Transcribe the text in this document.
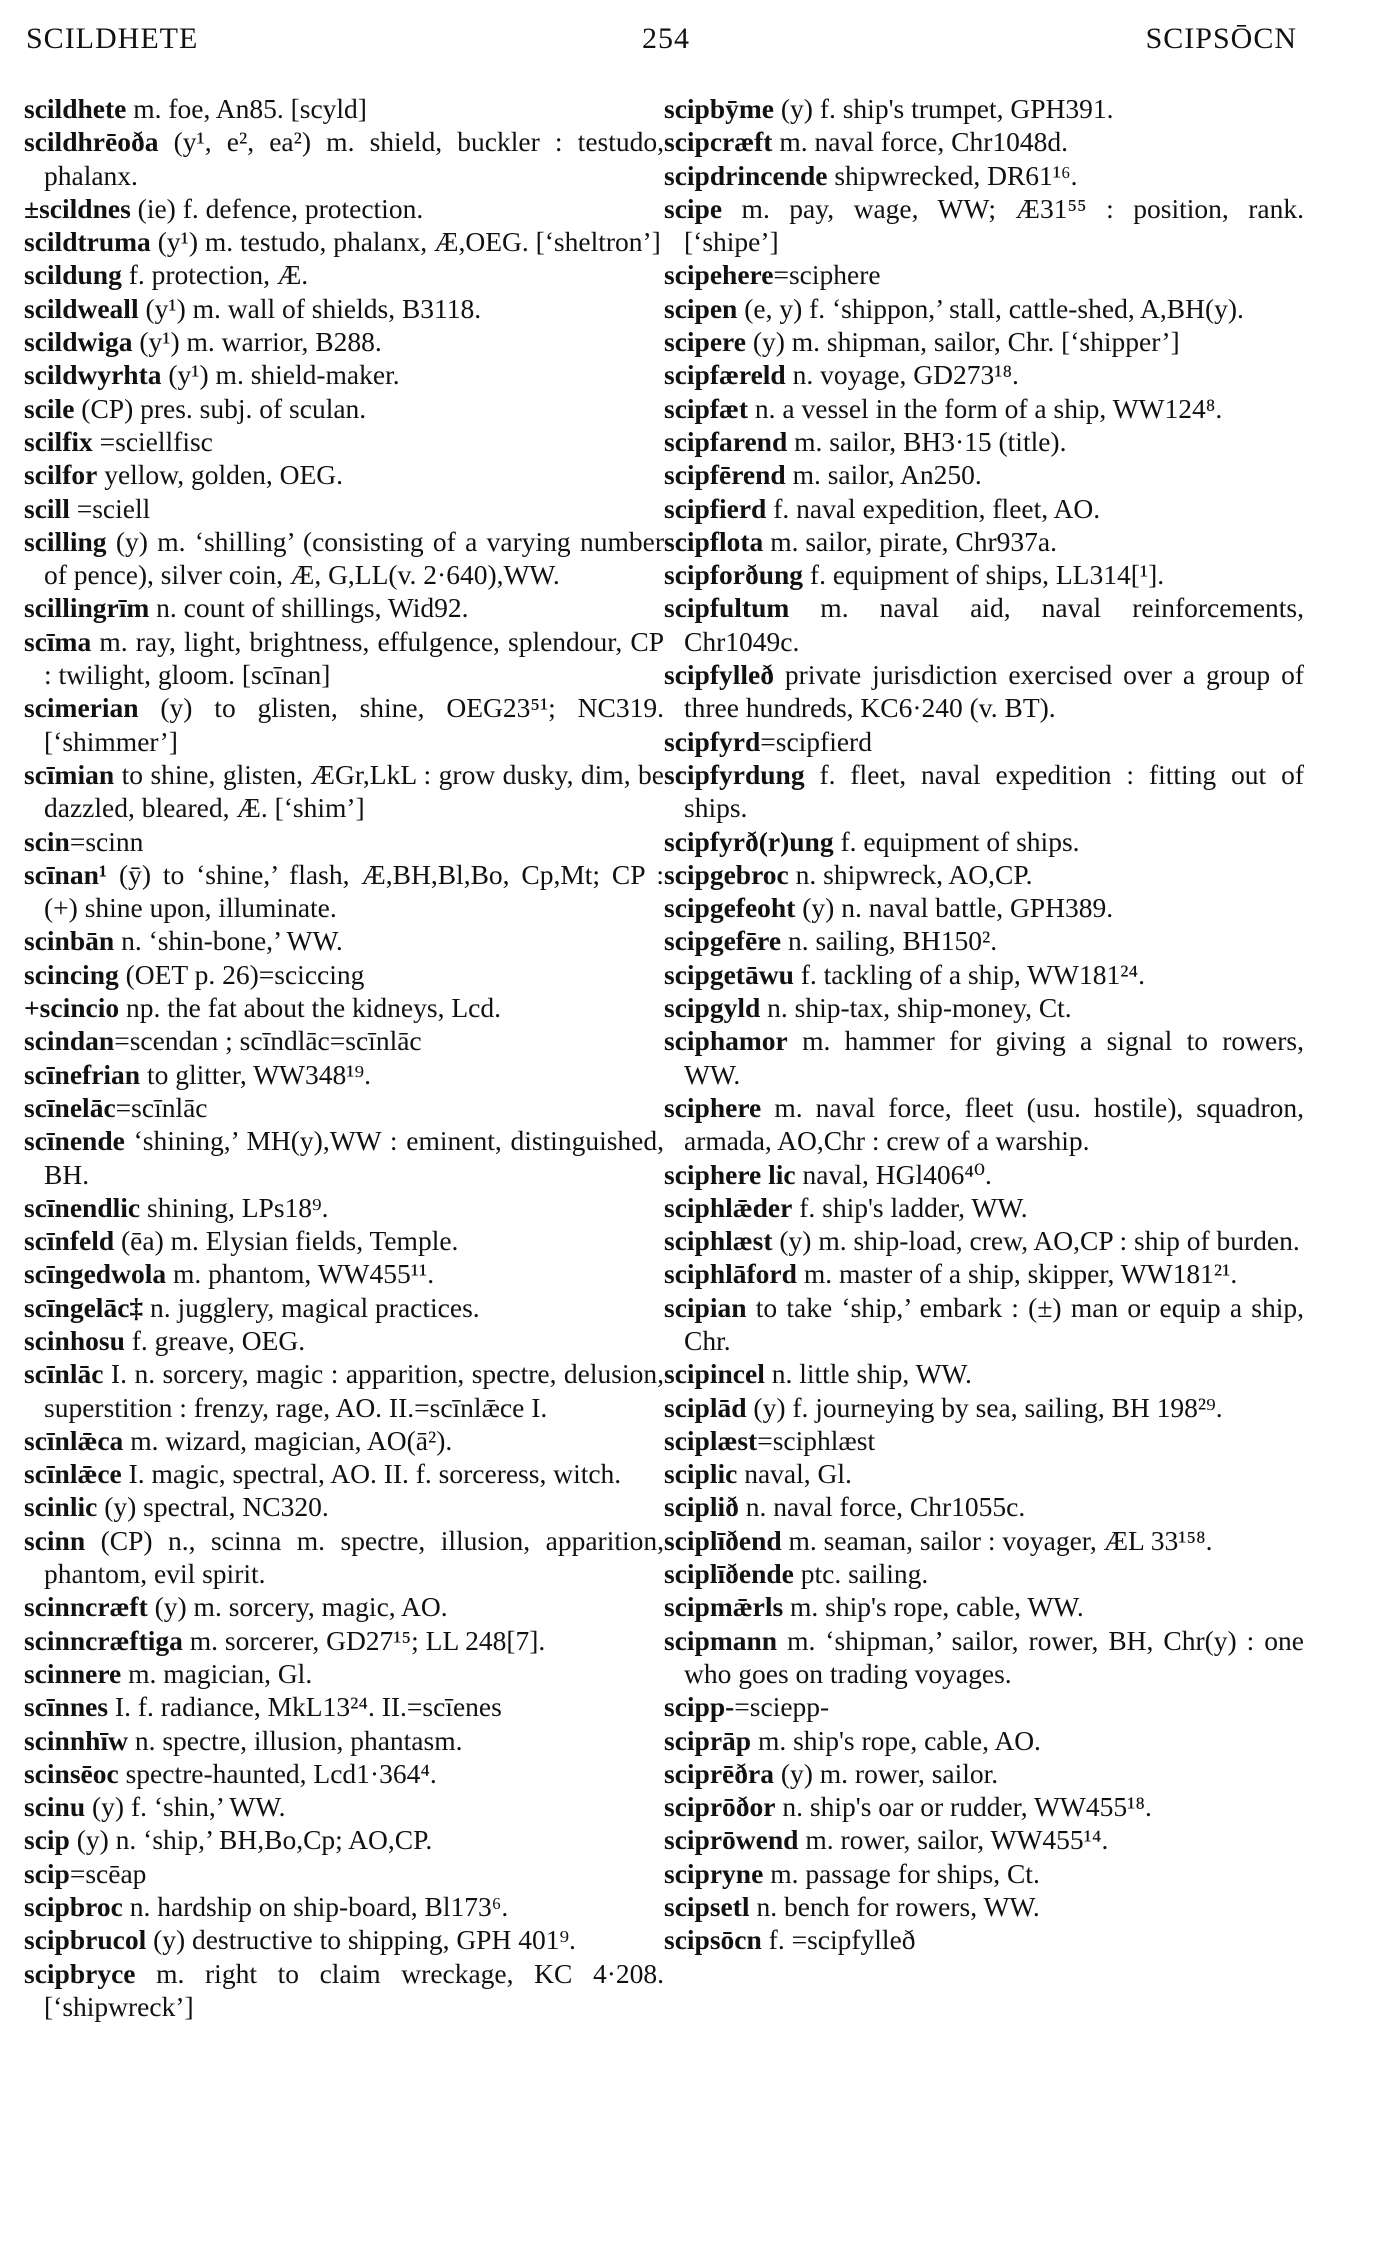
SCILDHETE	254	SCIPSŌCN

scildhete m. foe, An85. [scyld]

scildhrēoða (y¹, e², ea²) m. shield, buckler : testudo, phalanx.

±scildnes (ie) f. defence, protection.

scildtruma (y¹) m. testudo, phalanx, Æ,OEG. [‘sheltron’]

scildung f. protection, Æ.

scildweall (y¹) m. wall of shields, B3118.

scildwiga (y¹) m. warrior, B288.

scildwyrhta (y¹) m. shield-maker.

scile (CP) pres. subj. of sculan.

scilfix =sciellfisc

scilfor yellow, golden, OEG.

scill =sciell

scilling (y) m. ‘shilling’ (consisting of a varying number of pence), silver coin, Æ, G,LL(v. 2·640),WW.

scillingrīm n. count of shillings, Wid92.

scīma m. ray, light, brightness, effulgence, splendour, CP : twilight, gloom. [scīnan]

scimerian (y) to glisten, shine, OEG23⁵¹; NC319. [‘shimmer’]

scīmian to shine, glisten, ÆGr,LkL : grow dusky, dim, be dazzled, bleared, Æ. [‘shim’]

scin=scinn

scīnan¹ (ȳ) to ‘shine,’ flash, Æ,BH,Bl,Bo, Cp,Mt; CP : (+) shine upon, illuminate.

scinbān n. ‘shin-bone,’ WW.

scincing (OET p. 26)=sciccing

+scincio np. the fat about the kidneys, Lcd.

scindan=scendan ; scīndlāc=scīnlāc

scīnefrian to glitter, WW348¹⁹.

scīnelāc=scīnlāc

scīnende ‘shining,’ MH(y),WW : eminent, distinguished, BH.

scīnendlic shining, LPs18⁹.

scīnfeld (ēa) m. Elysian fields, Temple.

scīngedwola m. phantom, WW455¹¹.

scīngelāc‡ n. jugglery, magical practices.

scinhosu f. greave, OEG.

scīnlāc I. n. sorcery, magic : apparition, spectre, delusion, superstition : frenzy, rage, AO. II.=scīnlǣce I.

scīnlǣca m. wizard, magician, AO(ā²).

scīnlǣce I. magic, spectral, AO. II. f. sorceress, witch.

scinlic (y) spectral, NC320.

scinn (CP) n., scinna m. spectre, illusion, apparition, phantom, evil spirit.

scinncræft (y) m. sorcery, magic, AO.

scinncræftiga m. sorcerer, GD27¹⁵; LL 248[7].

scinnere m. magician, Gl.

scīnnes I. f. radiance, MkL13²⁴. II.=scīenes

scinnhīw n. spectre, illusion, phantasm.

scinsēoc spectre-haunted, Lcd1·364⁴.

scinu (y) f. ‘shin,’ WW.

scip (y) n. ‘ship,’ BH,Bo,Cp; AO,CP.

scip=scēap

scipbroc n. hardship on ship-board, Bl173⁶.

scipbrucol (y) destructive to shipping, GPH 401⁹.

scipbryce m. right to claim wreckage, KC 4·208. [‘shipwreck’]

scipbȳme (y) f. ship's trumpet, GPH391.

scipcræft m. naval force, Chr1048d.

scipdrincende shipwrecked, DR61¹⁶.

scipe m. pay, wage, WW; Æ31⁵⁵ : position, rank. [‘shipe’]

scipehere=sciphere

scipen (e, y) f. ‘shippon,’ stall, cattle-shed, A,BH(y).

scipere (y) m. shipman, sailor, Chr. [‘shipper’]

scipfæreld n. voyage, GD273¹⁸.

scipfæt n. a vessel in the form of a ship, WW124⁸.

scipfarend m. sailor, BH3·15 (title).

scipfērend m. sailor, An250.

scipfierd f. naval expedition, fleet, AO.

scipflota m. sailor, pirate, Chr937a.

scipforðung f. equipment of ships, LL314[¹].

scipfultum m. naval aid, naval reinforcements, Chr1049c.

scipfylleð private jurisdiction exercised over a group of three hundreds, KC6·240 (v. BT).

scipfyrd=scipfierd

scipfyrdung f. fleet, naval expedition : fitting out of ships.

scipfyrð(r)ung f. equipment of ships.

scipgebroc n. shipwreck, AO,CP.

scipgefeoht (y) n. naval battle, GPH389.

scipgefēre n. sailing, BH150².

scipgetāwu f. tackling of a ship, WW181²⁴.

scipgyld n. ship-tax, ship-money, Ct.

sciphamor m. hammer for giving a signal to rowers, WW.

sciphere m. naval force, fleet (usu. hostile), squadron, armada, AO,Chr : crew of a warship.

sciphere lic naval, HGl406⁴⁰.

sciphlǣder f. ship's ladder, WW.

sciphlæst (y) m. ship-load, crew, AO,CP : ship of burden.

sciphlāford m. master of a ship, skipper, WW181²¹.

scipian to take ‘ship,’ embark : (±) man or equip a ship, Chr.

scipincel n. little ship, WW.

sciplād (y) f. journeying by sea, sailing, BH 198²⁹.

sciplæst=sciphlæst

sciplic naval, Gl.

sciplið n. naval force, Chr1055c.

sciplīðend m. seaman, sailor : voyager, ÆL 33¹⁵⁸.

sciplīðende ptc. sailing.

scipmǣrls m. ship's rope, cable, WW.

scipmann m. ‘shipman,’ sailor, rower, BH, Chr(y) : one who goes on trading voyages.

scipp-=sciepp-

sciprāp m. ship's rope, cable, AO.

sciprēðra (y) m. rower, sailor.

sciprōðor n. ship's oar or rudder, WW455¹⁸.

sciprōwend m. rower, sailor, WW455¹⁴.

scipryne m. passage for ships, Ct.

scipsetl n. bench for rowers, WW.

scipsōcn f. =scipfylleð
